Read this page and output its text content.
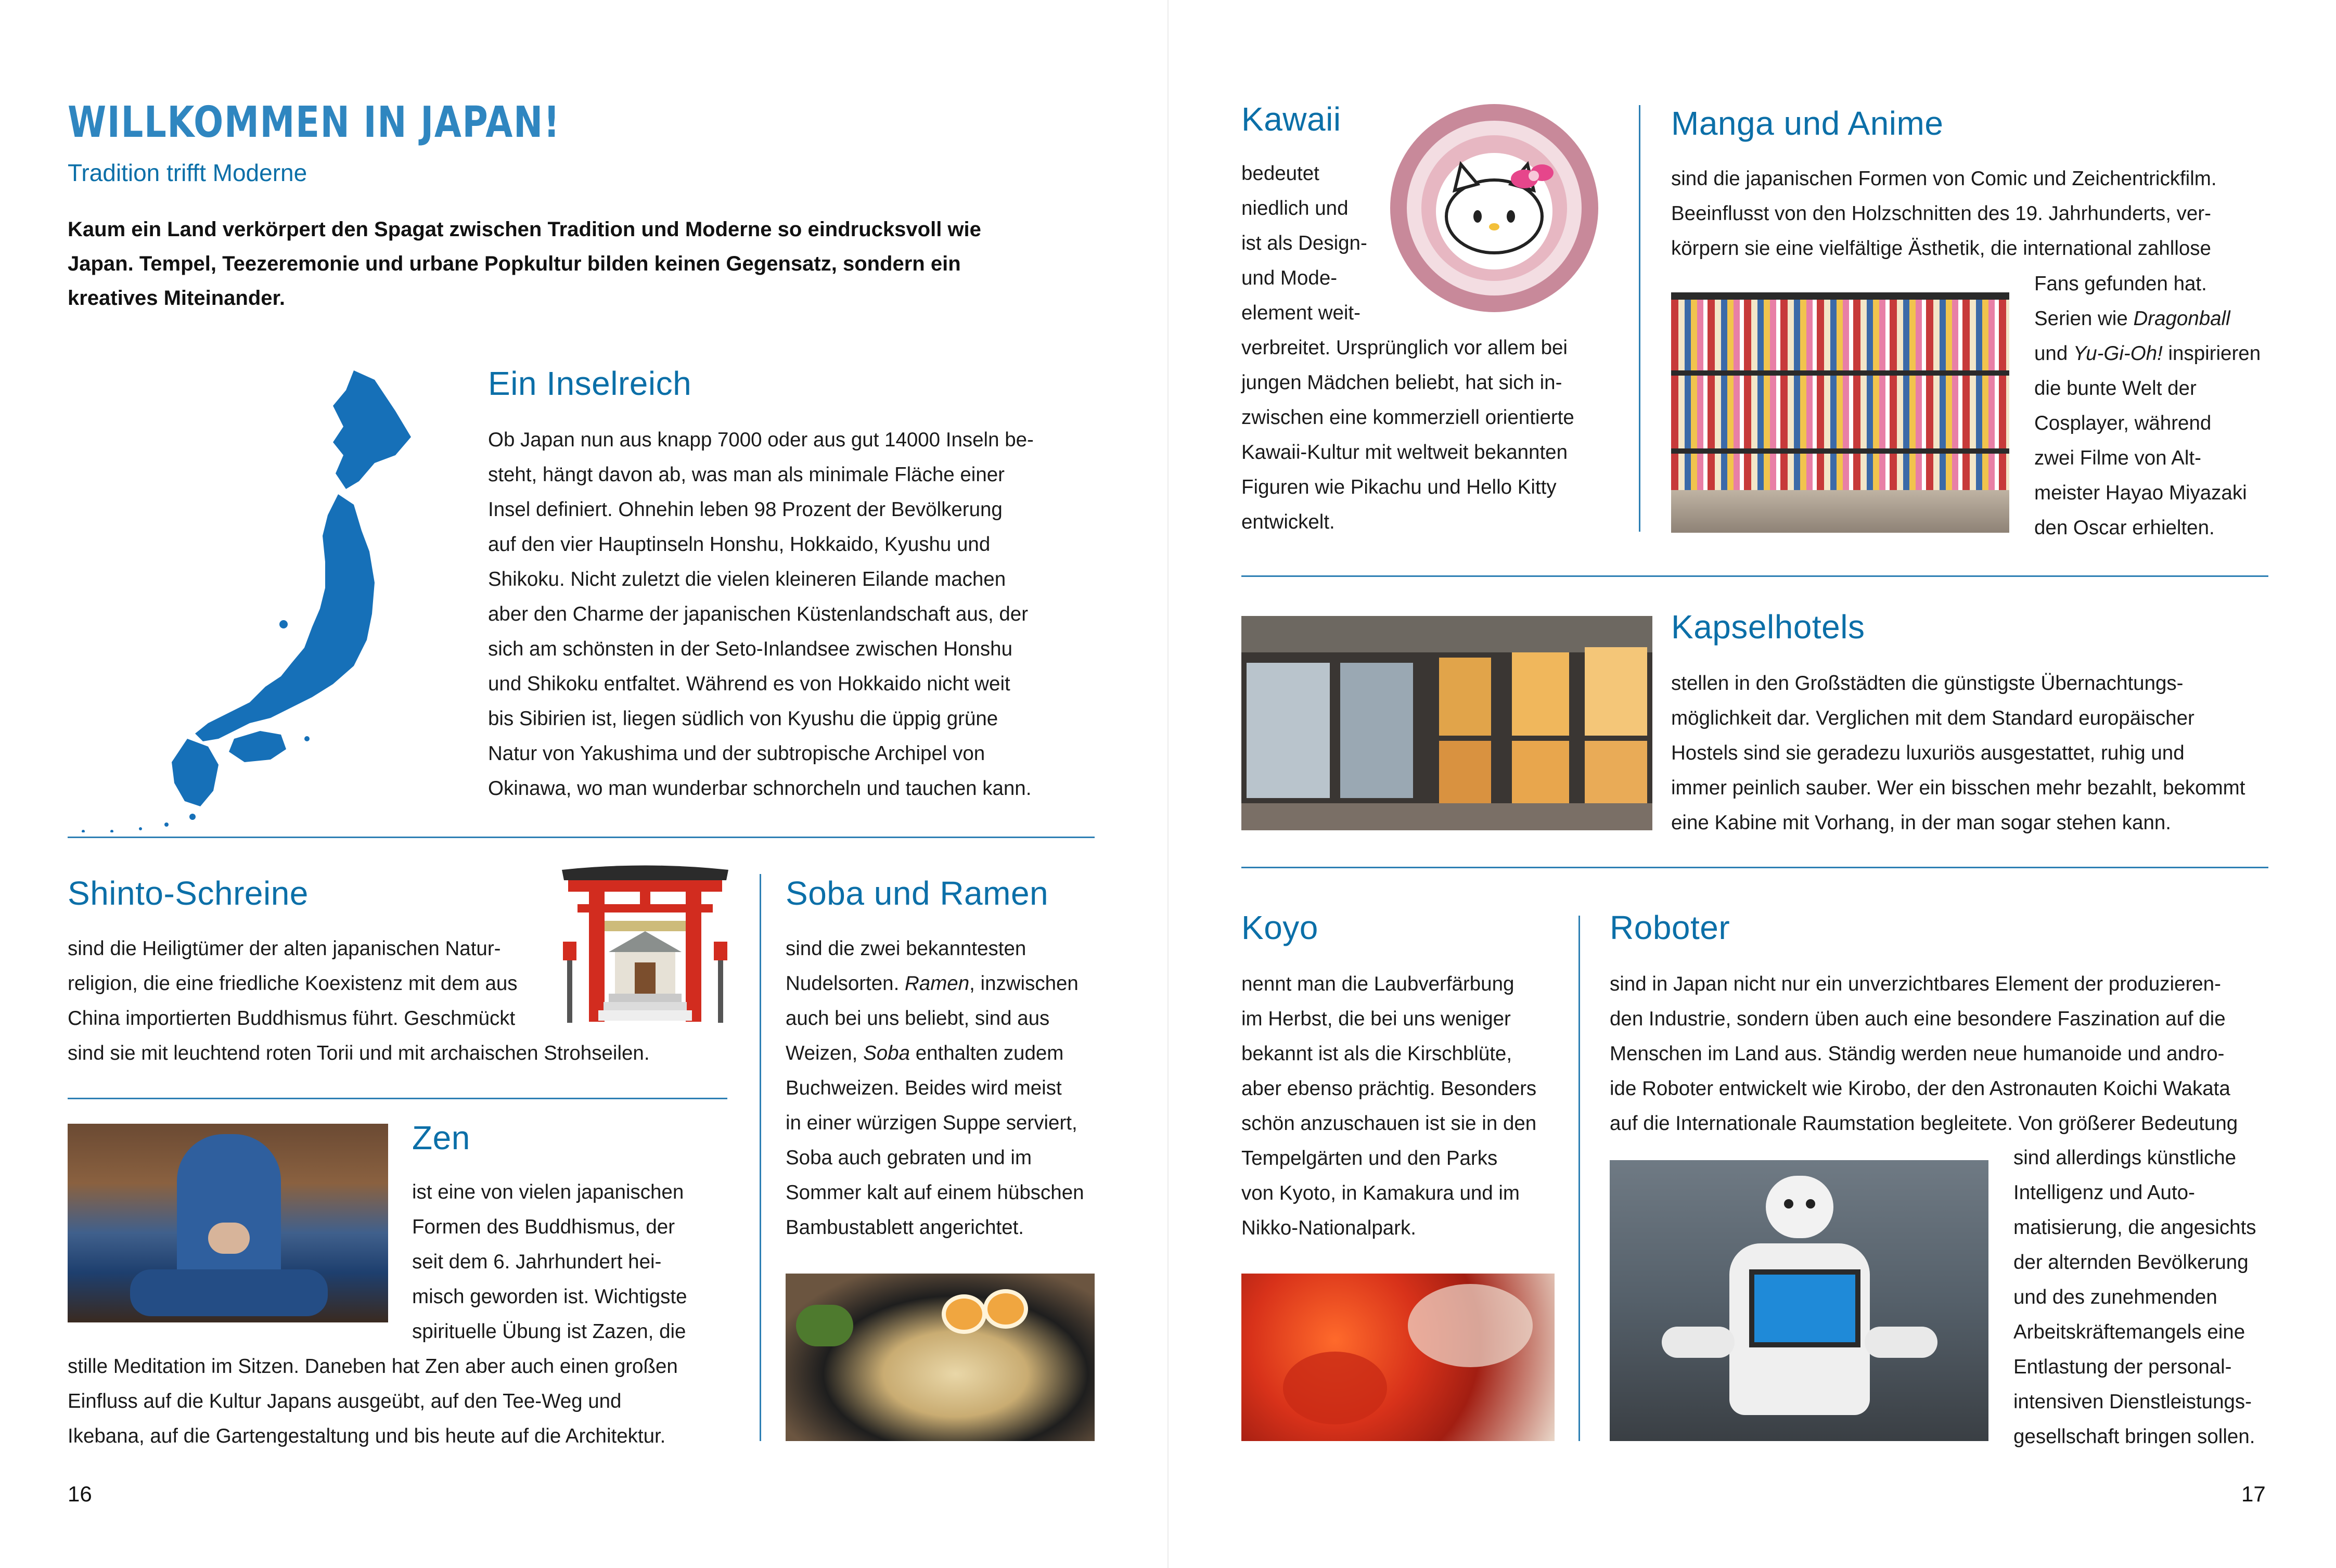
WILLKOMMEN IN JAPAN!
Tradition trifft Moderne
Kaum ein Land verkörpert den Spagat zwischen Tradition und Moderne so eindrucksvoll wie
Japan. Tempel, Teezeremonie und urbane Popkultur bilden keinen Gegensatz, sondern ein
kreatives Miteinander.
Ein Inselreich
Ob Japan nun aus knapp 7000 oder aus gut 14000 Inseln be-
steht, hängt davon ab, was man als minimale Fläche einer
Insel definiert. Ohnehin leben 98 Prozent der Bevölkerung
auf den vier Hauptinseln Honshu, Hokkaido, Kyushu und
Shikoku. Nicht zuletzt die vielen kleineren Eilande machen
aber den Charme der japanischen Küstenlandschaft aus, der
sich am schönsten in der Seto-Inlandsee zwischen Honshu
und Shikoku entfaltet. Während es von Hokkaido nicht weit
bis Sibirien ist, liegen südlich von Kyushu die üppig grüne
Natur von Yakushima und der subtropische Archipel von
Okinawa, wo man wunderbar schnorcheln und tauchen kann.
Shinto-Schreine
sind die Heiligtümer der alten japanischen Natur-
religion, die eine friedliche Koexistenz mit dem aus
China importierten Buddhismus führt. Geschmückt
sind sie mit leuchtend roten Torii und mit archaischen Strohseilen.
Zen
ist eine von vielen japanischen
Formen des Buddhismus, der
seit dem 6. Jahrhundert hei-
misch geworden ist. Wichtigste
spirituelle Übung ist Zazen, die
stille Meditation im Sitzen. Daneben hat Zen aber auch einen großen
Einfluss auf die Kultur Japans ausgeübt, auf den Tee-Weg und
Ikebana, auf die Gartengestaltung und bis heute auf die Architektur.
Soba und Ramen
sind die zwei bekanntesten
Nudelsorten. Ramen, inzwischen
auch bei uns beliebt, sind aus
Weizen, Soba enthalten zudem
Buchweizen. Beides wird meist
in einer würzigen Suppe serviert,
Soba auch gebraten und im
Sommer kalt auf einem hübschen
Bambustablett angerichtet.
16
Kawaii
bedeutet
niedlich und
ist als Design-
und Mode-
element weit-
verbreitet. Ursprünglich vor allem bei
jungen Mädchen beliebt, hat sich in-
zwischen eine kommerziell orientierte
Kawaii-Kultur mit weltweit bekannten
Figuren wie Pikachu und Hello Kitty
entwickelt.
Manga und Anime
sind die japanischen Formen von Comic und Zeichentrickfilm.
Beeinflusst von den Holzschnitten des 19. Jahrhunderts, ver-
körpern sie eine vielfältige Ästhetik, die international zahllose
Fans gefunden hat.
Serien wie Dragonball
und Yu-Gi-Oh! inspirieren
die bunte Welt der
Cosplayer, während
zwei Filme von Alt-
meister Hayao Miyazaki
den Oscar erhielten.
Kapselhotels
stellen in den Großstädten die günstigste Übernachtungs-
möglichkeit dar. Verglichen mit dem Standard europäischer
Hostels sind sie geradezu luxuriös ausgestattet, ruhig und
immer peinlich sauber. Wer ein bisschen mehr bezahlt, bekommt
eine Kabine mit Vorhang, in der man sogar stehen kann.
Koyo
nennt man die Laubverfärbung
im Herbst, die bei uns weniger
bekannt ist als die Kirschblüte,
aber ebenso prächtig. Besonders
schön anzuschauen ist sie in den
Tempelgärten und den Parks
von Kyoto, in Kamakura und im
Nikko-Nationalpark.
Roboter
sind in Japan nicht nur ein unverzichtbares Element der produzieren-
den Industrie, sondern üben auch eine besondere Faszination auf die
Menschen im Land aus. Ständig werden neue humanoide und andro-
ide Roboter entwickelt wie Kirobo, der den Astronauten Koichi Wakata
auf die Internationale Raumstation begleitete. Von größerer Bedeutung
sind allerdings künstliche
Intelligenz und Auto-
matisierung, die angesichts
der alternden Bevölkerung
und des zunehmenden
Arbeitskräftemangels eine
Entlastung der personal-
intensiven Dienstleistungs-
gesellschaft bringen sollen.
17
